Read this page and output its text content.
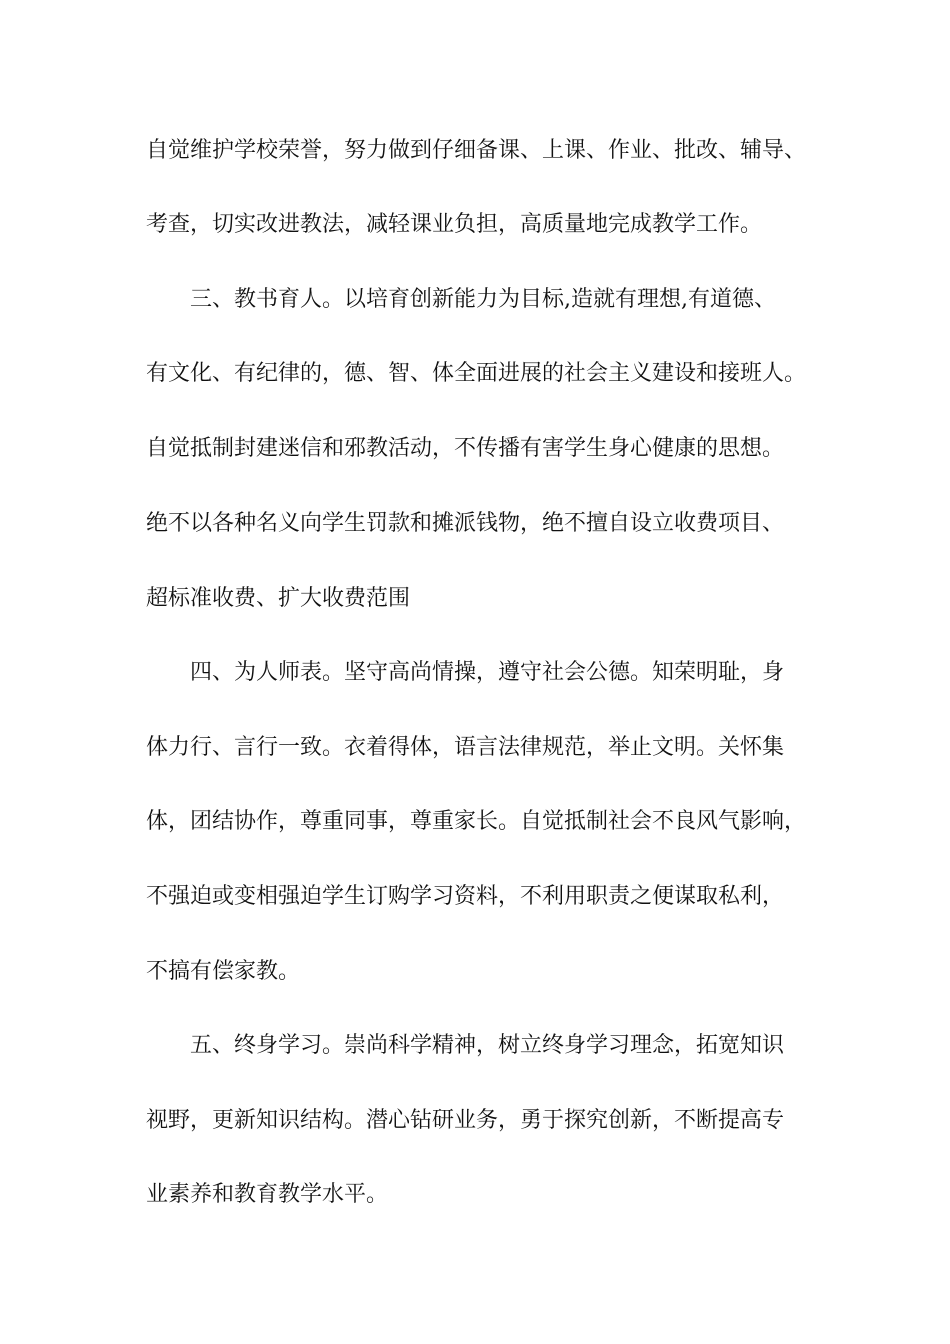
自觉维护学校荣誉，努力做到仔细备课、上课、作业、批改、辅导、

考查，切实改进教法，减轻课业负担，高质量地完成教学工作。

三、教书育人。以培育创新能力为目标,造就有理想,有道德、

有文化、有纪律的，德、智、体全面进展的社会主义建设和接班人。

自觉抵制封建迷信和邪教活动，不传播有害学生身心健康的思想。

绝不以各种名义向学生罚款和摊派钱物，绝不擅自设立收费项目、

超标准收费、扩大收费范围

四、为人师表。坚守高尚情操，遵守社会公德。知荣明耻，身

体力行、言行一致。衣着得体，语言法律规范，举止文明。关怀集

体，团结协作，尊重同事，尊重家长。自觉抵制社会不良风气影响，

不强迫或变相强迫学生订购学习资料，不利用职责之便谋取私利，

不搞有偿家教。

五、终身学习。崇尚科学精神，树立终身学习理念，拓宽知识

视野，更新知识结构。潜心钻研业务，勇于探究创新，不断提高专

业素养和教育教学水平。
